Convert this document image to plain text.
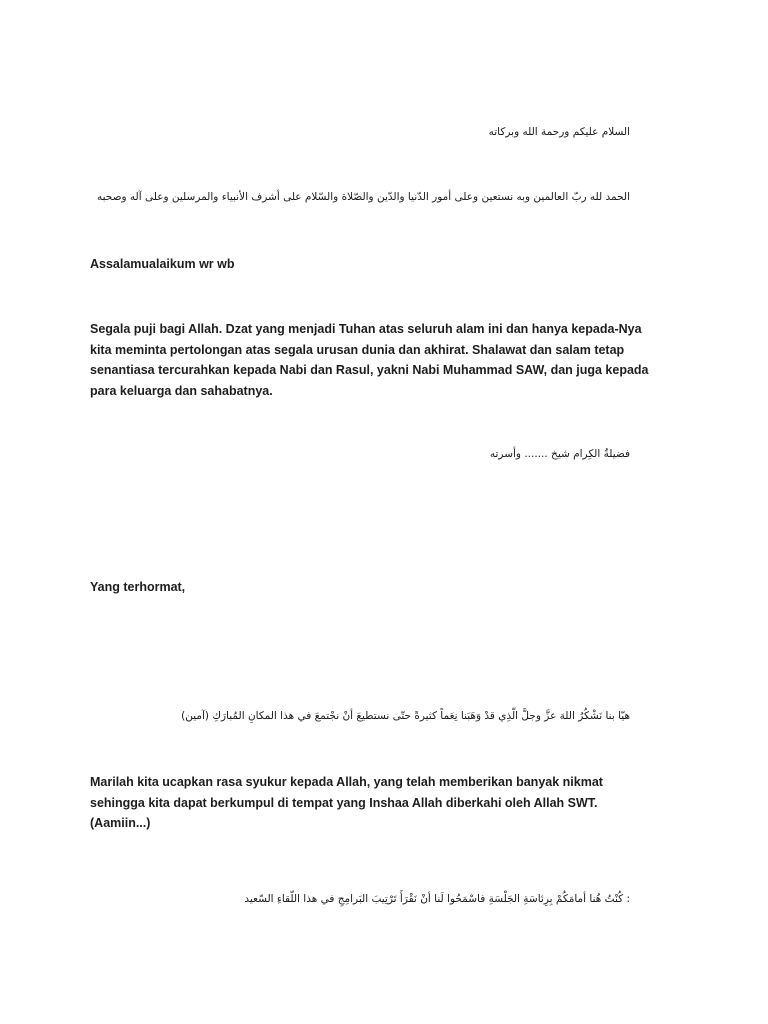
السلام عليكم ورحمة الله وبركاته
الحمد لله ربّ العالمين وبه نستعين وعلى أمور الدّنيا والدّين والصّلاة والسّلام على أشرف الأنبياء والمرسلين وعلى آله وصحبه
Assalamualaikum wr wb
Segala puji bagi Allah. Dzat yang menjadi Tuhan atas seluruh alam ini dan hanya kepada-Nya kita meminta pertolongan atas segala urusan dunia dan akhirat. Shalawat dan salam tetap senantiasa tercurahkan kepada Nabi dan Rasul, yakni Nabi Muhammad SAW, dan juga kepada para keluarga dan sahabatnya.
فضيلةُ الكِرام شيخ ....... وأسرته
Yang terhormat,
هيّا بنا نَشْكُرُ اللهَ عزَّ وجلَّ الّذِي قدْ وَهَبَنا نِعَماً كثيرةً حتّى نستطيعَ أنْ نجْتمعَ في هذا المكانِ المُبارَكِ (آمين)
Marilah kita ucapkan rasa syukur kepada Allah, yang telah memberikan banyak nikmat sehingga kita dapat berkumpul di tempat yang Inshaa Allah diberkahi oleh Allah SWT. (Aamiin...)
: كُنْتُ هُنا أمامَكُمْ بِرِئاسَةِ الجَلْسَةِ فاسْمَحُوا لَنا أنْ نَقْرَأَ تَرْتِيبَ البَرامِجِ في هذا اللّقاءِ السّعيد
